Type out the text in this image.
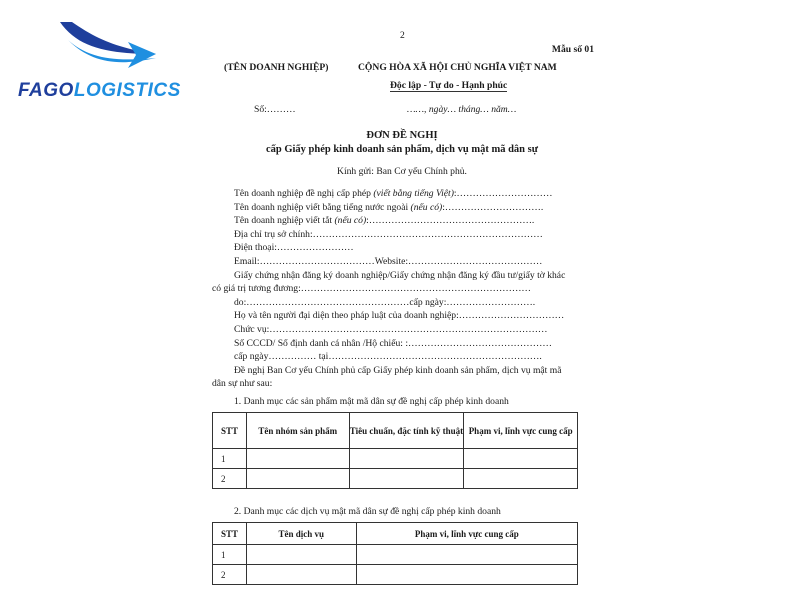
FAGOLOGISTICS
2
Mẫu số 01
(TÊN DOANH NGHIỆP)	CỘNG HÒA XÃ HỘI CHỦ NGHĨA VIỆT NAM
Độc lập - Tự do - Hạnh phúc
Số:………	……, ngày… tháng… năm…
ĐƠN ĐỀ NGHỊ
cấp Giấy phép kinh doanh sản phẩm, dịch vụ mật mã dân sự
Kính gửi: Ban Cơ yếu Chính phủ.
Tên doanh nghiệp đề nghị cấp phép (viết bằng tiếng Việt):…………………………
Tên doanh nghiệp viết bằng tiếng nước ngoài (nếu có):………………………….
Tên doanh nghiệp viết tắt (nếu có):…………………………………………….
Địa chỉ trụ sở chính:………………………………………………………………
Điện thoại:……………………
Email:………………………………Website:……………………………………
Giấy chứng nhận đăng ký doanh nghiệp/Giấy chứng nhận đăng ký đầu tư/giấy tờ khác
có giá trị tương đương:………………………………………………………………
do:……………………………………………cấp ngày:……………………….
Họ và tên người đại diện theo pháp luật của doanh nghiệp:……………………………
Chức vụ:……………………………………………………………………………
Số CCCD/ Số định danh cá nhân /Hộ chiếu: :………………………………………
cấp ngày…………… tại………………………………………………………….
Đề nghị Ban Cơ yếu Chính phủ cấp Giấy phép kinh doanh sản phẩm, dịch vụ mật mã
dân sự như sau:
1. Danh mục các sản phẩm mật mã dân sự đề nghị cấp phép kinh doanh
STT	Tên nhóm sản phẩm	Tiêu chuẩn, đặc tính kỹ thuật	Phạm vi, lĩnh vực cung cấp
1			
2			
2. Danh mục các dịch vụ mật mã dân sự đề nghị cấp phép kinh doanh
STT	Tên dịch vụ	Phạm vi, lĩnh vực cung cấp
1		
2		
